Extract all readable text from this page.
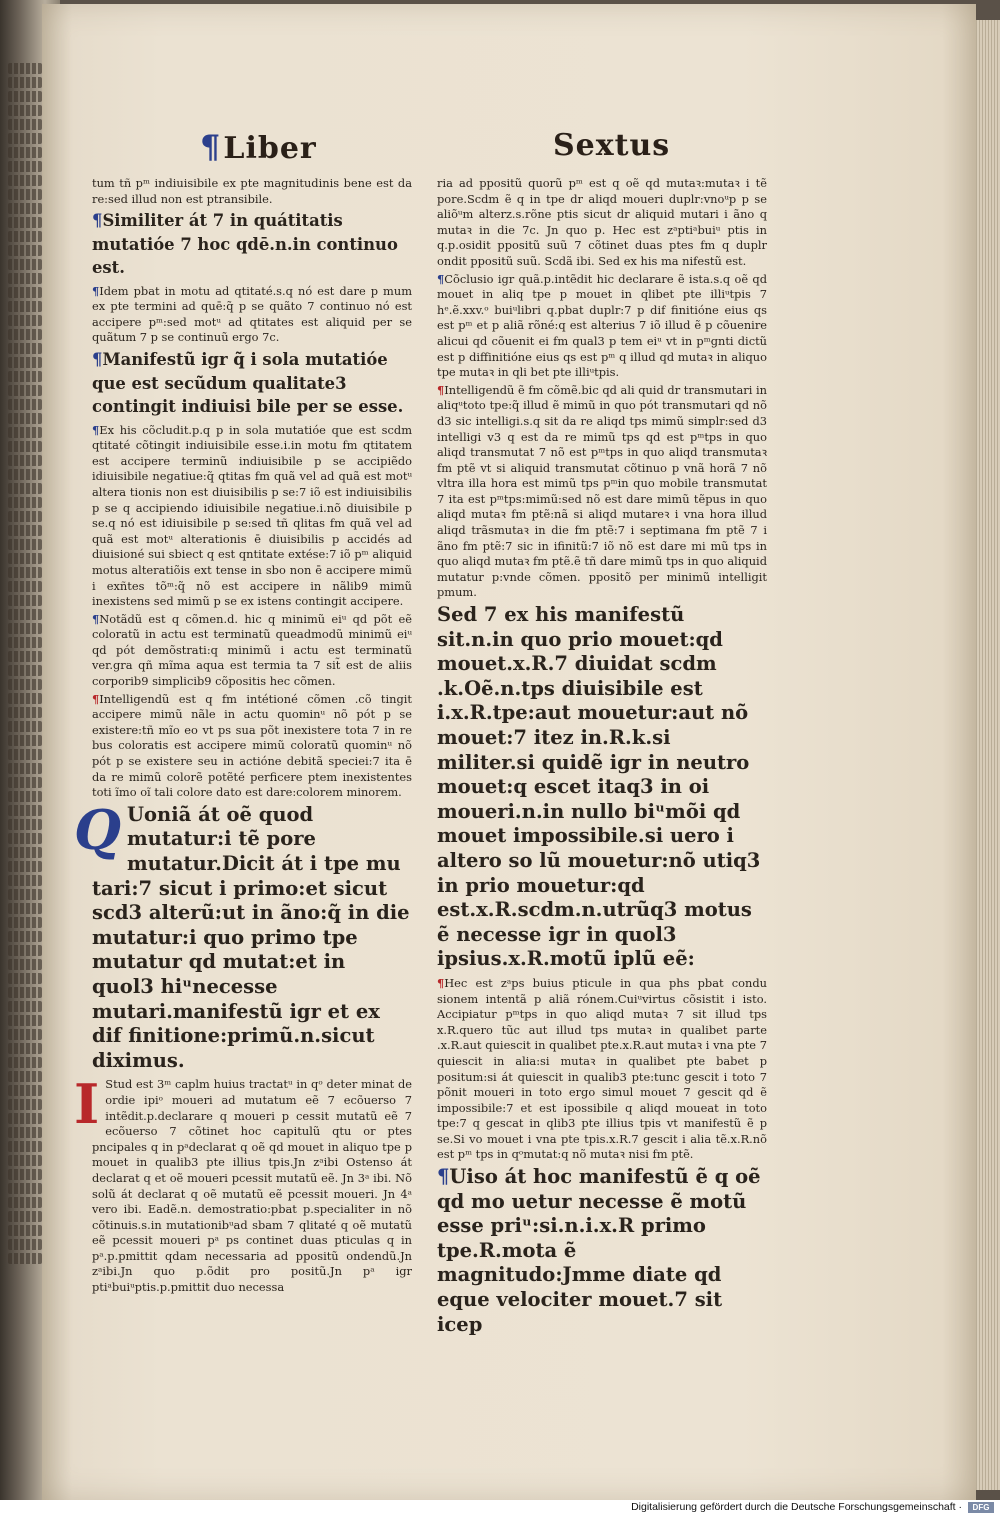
¶Liber	Sextus

tum tñ pᵐ indiuisibile ex pte magnitudinis bene est da re:sed illud non est ptransibile.

¶Similiter át 7 in quátitatis mutatióe 7 hoc qdē.n.in continuo est.

¶Idem pbat in motu ad qtitaté.s.q nó est dare p mum ex pte termini ad quē:q̃ p se quãto 7 continuo nó est accipere pᵐ:sed motᵘ ad qtitates est aliquid per se quãtum 7 p se continuũ ergo 7c.

¶Manifestũ igr q̃ i sola mutatióe que est secũdum qualitate3 contingit indiuisi bile per se esse.

¶Ex his cõcludit.p.q p in sola mutatióe que est scdm qtitaté cõtingit indiuisibile esse.i.in motu fm qtitatem est accipere terminũ indiuisibile p se accipiẽdo idiuisibile negatiue:q̃ qtitas fm quã vel ad quã est motᵘ altera tionis non est diuisibilis p se:7 iõ est indiuisibilis p se q accipiendo idiuisibile negatiue.i.nõ diuisibile p se.q nó est idiuisibile p se:sed tñ qlitas fm quã vel ad quã est motᵘ alterationis ē diuisibilis p accidés ad diuisioné sui sbiect q est qntitate extése:7 iõ pᵐ aliquid motus alteratiõis ext tense in sbo non ē accipere mimũ i exñtes tõᵐ:q̃ nõ est accipere in nãlib9 mimũ inexistens sed mimũ p se ex istens contingit accipere.

¶Notãdũ est q cõmen.d. hic q minimũ eiᵘ qd põt eẽ coloratũ in actu est terminatũ queadmodũ minimũ eiᵘ qd pót demõstrati:q minimũ i actu est terminatũ ver.gra qñ mĩma aqua est termia ta 7 sit̃ est de aliis corporib9 simplicib9 cõpositis hec cõmen.

¶Intelligendũ est q fm intétioné cõmen .cõ tingit accipere mimũ nãle in actu quominᵘ nõ pót p se existere:tñ mĩo eo vt ps sua põt inexistere tota 7 in re bus coloratis est accipere mimũ coloratũ quominᵘ nõ pót p se existere seu in actióne debitã speciei:7 ita ē da re mimũ colorẽ potẽté perficere ptem inexistentes toti ĩmo oĩ tali colore dato est dare:colorem minorem.

Q Uoniã át oẽ quod mutatur:i tẽ pore mutatur.Dicit át i tpe mu tari:7 sicut i primo:et sicut scd3 alterũ:ut in ãno:q̃ in die mutatur:i quo primo tpe mutatur qd mutat:et in quol3 hiᵘnecesse mutari.manifestũ igr et ex dif finitione:primũ.n.sicut diximus.

I Stud est 3ᵐ caplm huius tractatᵘ in qᵒ deter minat de ordie ipiᵒ moueri ad mutatum eẽ 7 ecõuerso 7 intẽdit.p.declarare q moueri p cessit mutatũ eẽ 7 ecõuerso 7 cõtinet hoc capitulũ qtu or ptes pncipales q in pᵃdeclarat q oẽ qd mouet in aliquo tpe p mouet in qualib3 pte illius tpis.Jn zᵃibi Ostenso át declarat q et oẽ moueri pcessit mutatũ eẽ. Jn 3ᵃ ibi. Nõ solũ át declarat q oẽ mutatũ eẽ pcessit moueri. Jn 4ᵃ vero ibi. Eadẽ.n. demostratio:pbat p.specialiter in nõ cõtinuis.s.in mutationibᵘad sbam 7 qlitaté q oẽ mutatũ eẽ pcessit moueri pᵃ ps continet duas pticulas q in pᵃ.p.pmittit qdam necessaria ad ppositũ ondendũ.Jn zᵃibi.Jn quo p.õdit pro positũ.Jn pᵃ igr ptiᵃbuiᵘptis.p.pmittit duo necessa

ria ad ppositũ quorũ pᵐ est q oẽ qd mutaꝛ:mutaꝛ i tẽ pore.Scdm ẽ q in tpe dr aliqd moueri duplr:vnoᵘp p se aliõᵘm alterz.s.rõne ptis sicut dr aliquid mutari i ãno q mutaꝛ in die 7c. Jn quo p. Hec est zᵃptiᵃbuiᵘ ptis in q.p.osidit ppositũ suũ 7 cõtinet duas ptes fm q duplr ondit ppositũ suũ. Scdã ibi. Sed ex his ma nifestũ est.

¶Cõclusio igr quã.p.intẽdit hic declarare ẽ ista.s.q oẽ qd mouet in aliq tpe p mouet in qlibet pte illiᵘtpis 7 hᵉ.ẽ.xxv.ᵒ buiᵘlibri q.pbat duplr:7 p dif finitióne eius qs est pᵐ et p aliã rõné:q est alterius 7 iõ illud ẽ p cõuenire alicui qd cõuenit ei fm qual3 p tem eiᵘ vt in pᵐgnti dictũ est p diffinitióne eius qs est pᵐ q illud qd mutaꝛ in aliquo tpe mutaꝛ in qli bet pte illiᵘtpis.

¶Intelligendũ ẽ fm cõmẽ.bic qd ali quid dr transmutari in aliqᵘtoto tpe:q̃ illud ẽ mimũ in quo pót transmutari qd nõ d3 sic intelligi.s.q sit da re aliqd tps mimũ simplr:sed d3 intelligi v3 q est da re mimũ tps qd est pᵐtps in quo aliqd transmutat 7 nõ est pᵐtps in quo aliqd transmutaꝛ fm ptẽ vt si aliquid transmutat cõtinuo p vnã horã 7 nõ vltra illa hora est mimũ tps pᵐin quo mobile transmutat 7 ita est pᵐtps:mimũ:sed nõ est dare mimũ tẽpus in quo aliqd mutaꝛ fm ptẽ:nã si aliqd mutareꝛ i vna hora illud aliqd trãsmutaꝛ in die fm ptẽ:7 i septimana fm ptẽ 7 i ãno fm ptẽ:7 sic in ifinitũ:7 iõ nõ est dare mi mũ tps in quo aliqd mutaꝛ fm ptẽ.ẽ tñ dare mimũ tps in quo aliquid mutatur p:vnde cõmen. ppositõ per minimũ intelligit pmum.

Sed 7 ex his manifestũ sit.n.in quo prio mouet:qd mouet.x.R.7 diuidat scdm .k.Oẽ.n.tps diuisibile est i.x.R.tpe:aut mouetur:aut nõ mouet:7 itez in.R.k.si militer.si quidẽ igr in neutro mouet:q escet itaq3 in oi moueri.n.in nullo biᵘmõi qd mouet impossibile.si uero i altero so lũ mouetur:nõ utiq3 in prio mouetur:qd est.x.R.scdm.n.utrũq3 motus ẽ necesse igr in quol3 ipsius.x.R.motũ iplũ eẽ:

¶Hec est zᵃps buius pticule in qua phs pbat condu sionem intentã p aliã rónem.Cuiᵘvirtus cõsistit i isto. Accipiatur pᵐtps in quo aliqd mutaꝛ 7 sit illud tps x.R.quero tũc aut illud tps mutaꝛ in qualibet parte .x.R.aut quiescit in qualibet pte.x.R.aut mutaꝛ i vna pte 7 quiescit in alia:si mutaꝛ in qualibet pte babet p positum:si át quiescit in qualib3 pte:tunc gescit i toto 7 põnit moueri in toto ergo simul mouet 7 gescit qd ẽ impossibile:7 et est ipossibile q aliqd moueat in toto tpe:7 q gescat in qlib3 pte illius tpis vt manifestũ ẽ p se.Si vo mouet i vna pte tpis.x.R.7 gescit i alia tẽ.x.R.nõ est pᵐ tps in qᵒmutat:q nõ mutaꝛ nisi fm ptẽ.

¶Uiso át hoc manifestũ ẽ q oẽ qd mo uetur necesse ẽ motũ esse priᵘ:si.n.i.x.R primo tpe.R.mota ẽ magnitudo:Jmme diate qd eque velociter mouet.7 sit icep

Digitalisierung gefördert durch die Deutsche Forschungsgemeinschaft ·	DFG
